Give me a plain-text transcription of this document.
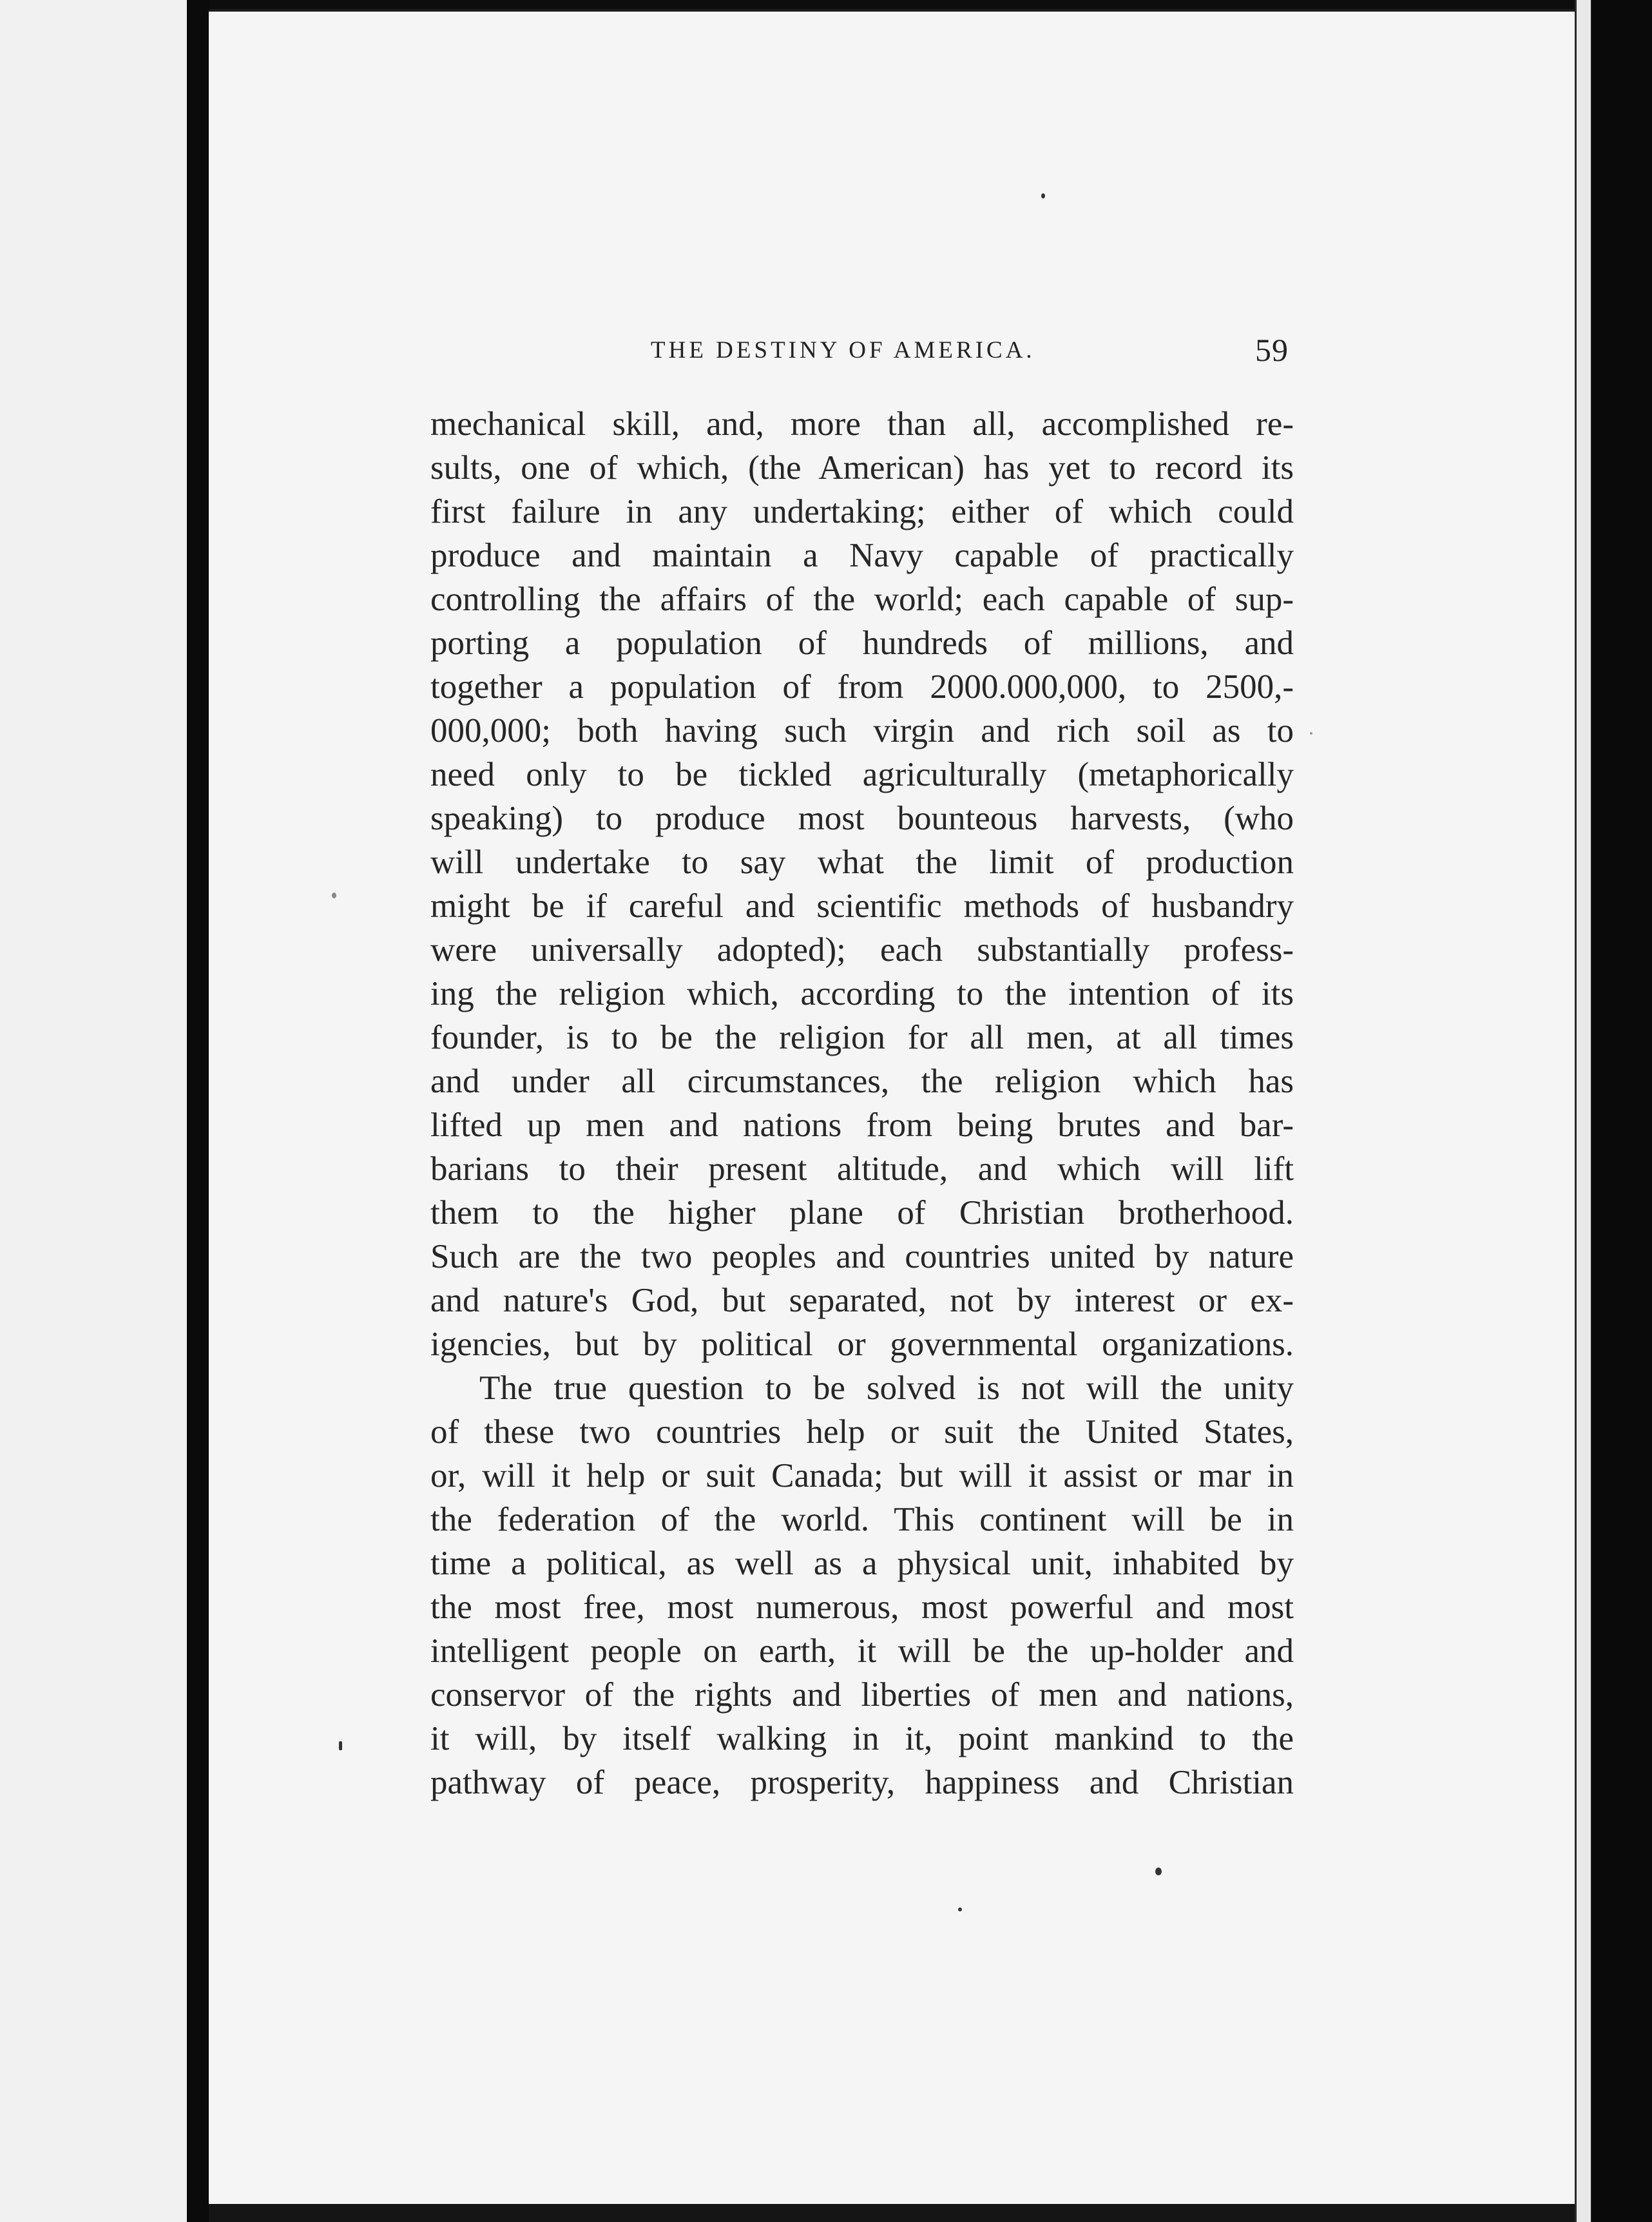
THE DESTINY OF AMERICA.	59
mechanical skill, and, more than all, accomplished re-
sults, one of which, (the American) has yet to record its
first failure in any undertaking; either of which could
produce and maintain a Navy capable of practically
controlling the affairs of the world; each capable of sup-
porting a population of hundreds of millions, and
together a population of from 2000.000,000, to 2500,-
000,000; both having such virgin and rich soil as to
need only to be tickled agriculturally (metaphorically
speaking) to produce most bounteous harvests, (who
will undertake to say what the limit of production
might be if careful and scientific methods of husbandry
were universally adopted); each substantially profess-
ing the religion which, according to the intention of its
founder, is to be the religion for all men, at all times
and under all circumstances, the religion which has
lifted up men and nations from being brutes and bar-
barians to their present altitude, and which will lift
them to the higher plane of Christian brotherhood.
Such are the two peoples and countries united by nature
and nature's God, but separated, not by interest or ex-
igencies, but by political or governmental organizations.
The true question to be solved is not will the unity
of these two countries help or suit the United States,
or, will it help or suit Canada; but will it assist or mar in
the federation of the world. This continent will be in
time a political, as well as a physical unit, inhabited by
the most free, most numerous, most powerful and most
intelligent people on earth, it will be the up-holder and
conservor of the rights and liberties of men and nations,
it will, by itself walking in it, point mankind to the
pathway of peace, prosperity, happiness and Christian
